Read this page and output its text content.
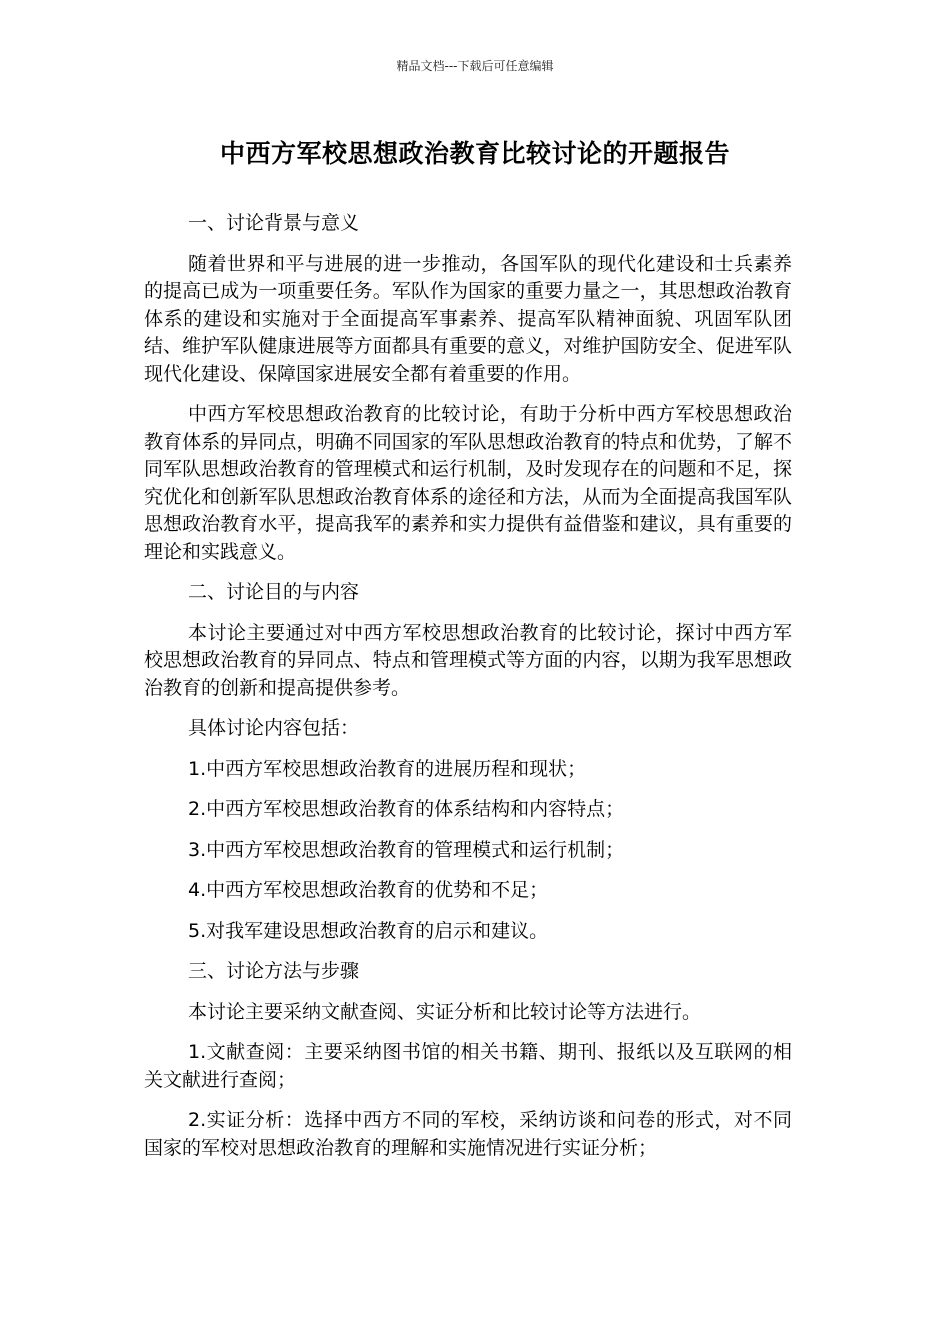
精品文档---下载后可任意编辑
中西方军校思想政治教育比较讨论的开题报告

一、讨论背景与意义

随着世界和平与进展的进一步推动，各国军队的现代化建设和士兵素养的提高已成为一项重要任务。军队作为国家的重要力量之一，其思想政治教育体系的建设和实施对于全面提高军事素养、提高军队精神面貌、巩固军队团结、维护军队健康进展等方面都具有重要的意义，对维护国防安全、促进军队现代化建设、保障国家进展安全都有着重要的作用。

中西方军校思想政治教育的比较讨论，有助于分析中西方军校思想政治教育体系的异同点，明确不同国家的军队思想政治教育的特点和优势，了解不同军队思想政治教育的管理模式和运行机制，及时发现存在的问题和不足，探究优化和创新军队思想政治教育体系的途径和方法，从而为全面提高我国军队思想政治教育水平，提高我军的素养和实力提供有益借鉴和建议，具有重要的理论和实践意义。

二、讨论目的与内容

本讨论主要通过对中西方军校思想政治教育的比较讨论，探讨中西方军校思想政治教育的异同点、特点和管理模式等方面的内容，以期为我军思想政治教育的创新和提高提供参考。

具体讨论内容包括：

1.中西方军校思想政治教育的进展历程和现状；

2.中西方军校思想政治教育的体系结构和内容特点；

3.中西方军校思想政治教育的管理模式和运行机制；

4.中西方军校思想政治教育的优势和不足；

5.对我军建设思想政治教育的启示和建议。

三、讨论方法与步骤

本讨论主要采纳文献查阅、实证分析和比较讨论等方法进行。

1.文献查阅：主要采纳图书馆的相关书籍、期刊、报纸以及互联网的相关文献进行查阅；

2.实证分析：选择中西方不同的军校，采纳访谈和问卷的形式，对不同国家的军校对思想政治教育的理解和实施情况进行实证分析；
